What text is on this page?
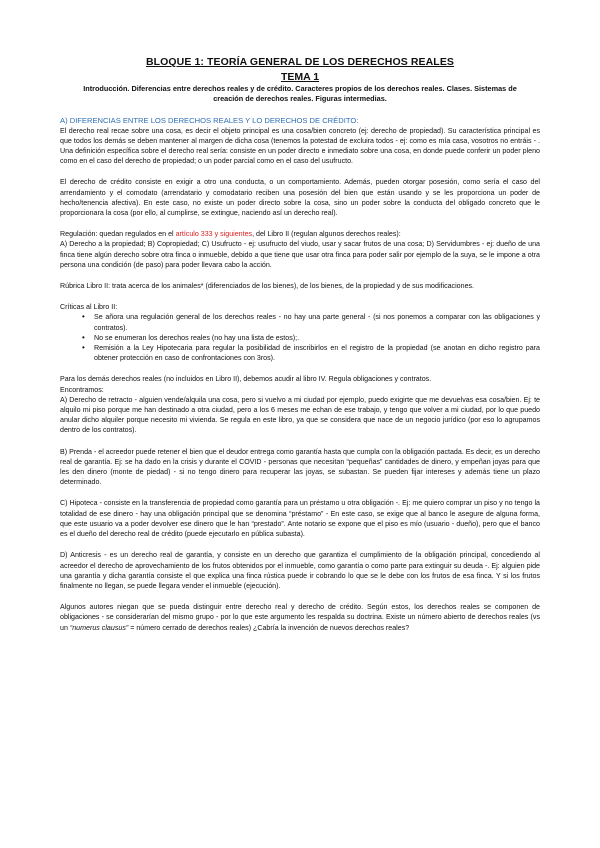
BLOQUE 1: TEORÍA GENERAL DE LOS DERECHOS REALES
TEMA 1
Introducción. Diferencias entre derechos reales y de crédito. Caracteres propios de los derechos reales. Clases. Sistemas de creación de derechos reales. Figuras intermedias.
A) DIFERENCIAS ENTRE LOS DERECHOS REALES Y LO DERECHOS DE CRÉDITO:

El derecho real recae sobre una cosa, es decir el objeto principal es una cosa/bien concreto (ej: derecho de propiedad). Su característica principal es que todos los demás se deben mantener al margen de dicha cosa (tenemos la potestad de excluira todos - ej: como es mía casa, vosotros no entráis - . Una definición específica sobre el derecho real sería: consiste en un poder directo e inmediato sobre una cosa, en donde puede conferir un poder pleno como en el caso del derecho de propiedad; o un poder parcial como en el caso del usufructo.

El derecho de crédito consiste en exigir a otro una conducta, o un comportamiento. Además, pueden otorgar posesión, como sería el caso del arrendamiento y el comodato (arrendatario y comodatario reciben una posesión del bien que están usando y se les proporciona un poder de hecho/tenencia afectiva). En este caso, no existe un poder directo sobre la cosa, sino un poder sobre la conducta del obligado concreto que le proporcionara la cosa (por ello, al cumplirse, se extingue, naciendo así un derecho real).

Regulación: quedan regulados en el artículo 333 y siguientes, del Libro II (regulan algunos derechos reales):

A) Derecho a la propiedad; B) Copropiedad; C) Usufructo - ej: usufructo del viudo, usar y sacar frutos de una cosa; D) Servidumbres - ej: dueño de una finca tiene algún derecho sobre otra finca o inmueble, debido a que tiene que usar otra finca para poder salir por ejemplo de la suya, se le impone a otra persona una condición (de paso) para poder llevara cabo la acción.

Rúbrica Libro II: trata acerca de los animales* (diferenciados de los bienes), de los bienes, de la propiedad y de sus modificaciones.

Críticas al Libro II:

• Se añora una regulación general de los derechos reales - no hay una parte general - (si nos ponemos a comparar con las obligaciones y contratos).
• No se enumeran los derechos reales (no hay una lista de estos);.
• Remisión a la Ley Hipotecaria para regular la posibilidad de inscribirlos en el registro de la propiedad (se anotan en dicho registro para obtener protección en caso de confrontaciones con 3ros).

Para los demás derechos reales (no incluidos en Libro II), debemos acudir al libro IV. Regula obligaciones y contratos.

Encontramos:

A) Derecho de retracto - alguien vende/alquila una cosa, pero si vuelvo a mi ciudad por ejemplo, puedo exigirte que me devuelvas esa cosa/bien. Ej: te alquilo mi piso porque me han destinado a otra ciudad, pero a los 6 meses me echan de ese trabajo, y tengo que volver a mi ciudad, por lo que puedo anular dicho alquiler porque necesito mi vivienda. Se regula en este libro, ya que se considera que nace de un negocio jurídico (por eso lo agrupamos dentro de los contratos).

B) Prenda - el acreedor puede retener el bien que el deudor entrega como garantía hasta que cumpla con la obligación pactada. Es decir, es un derecho real de garantía. Ej: se ha dado en la crisis y durante el COVID - personas que necesitan “pequeñas” cantidades de dinero, y empeñan joyas para que les den dinero (monte de piedad) - si no tengo dinero para recuperar las joyas, se subastan. Se pueden fijar intereses y además tiene un plazo determinado.

C) Hipoteca - consiste en la transferencia de propiedad como garantía para un préstamo u otra obligación -. Ej: me quiero comprar un piso y no tengo la totalidad de ese dinero - hay una obligación principal que se denomina “préstamo” - En este caso, se exige que al banco le asegure de alguna forma, que este usuario va a poder devolver ese dinero que le han “prestado”. Ante notario se expone que el piso es mío (usuario - dueño), pero que el banco es el dueño del derecho real de crédito (puede ejecutarlo en pública subasta).

D) Anticresis - es un derecho real de garantía, y consiste en un derecho que garantiza el cumplimiento de la obligación principal, concediendo al acreedor el derecho de aprovechamiento de los frutos obtenidos por el inmueble, como garantía o como parte para extinguir su deuda -. Ej: alguien pide una garantía y dicha garantía consiste el que explica una finca rústica puede ir cobrando lo que se le debe con los frutos de esa finca. Y si los frutos finalmente no llegan, se puede llegara vender el inmueble (ejecución).

Algunos autores niegan que se pueda distinguir entre derecho real y derecho de crédito. Según estos, los derechos reales se componen de obligaciones - se considerarían del mismo grupo - por lo que este argumento les respalda su doctrina. Existe un número abierto de derechos reales (vs un “numerus clausus” = número cerrado de derechos reales) ¿Cabría la invención de nuevos derechos reales?
